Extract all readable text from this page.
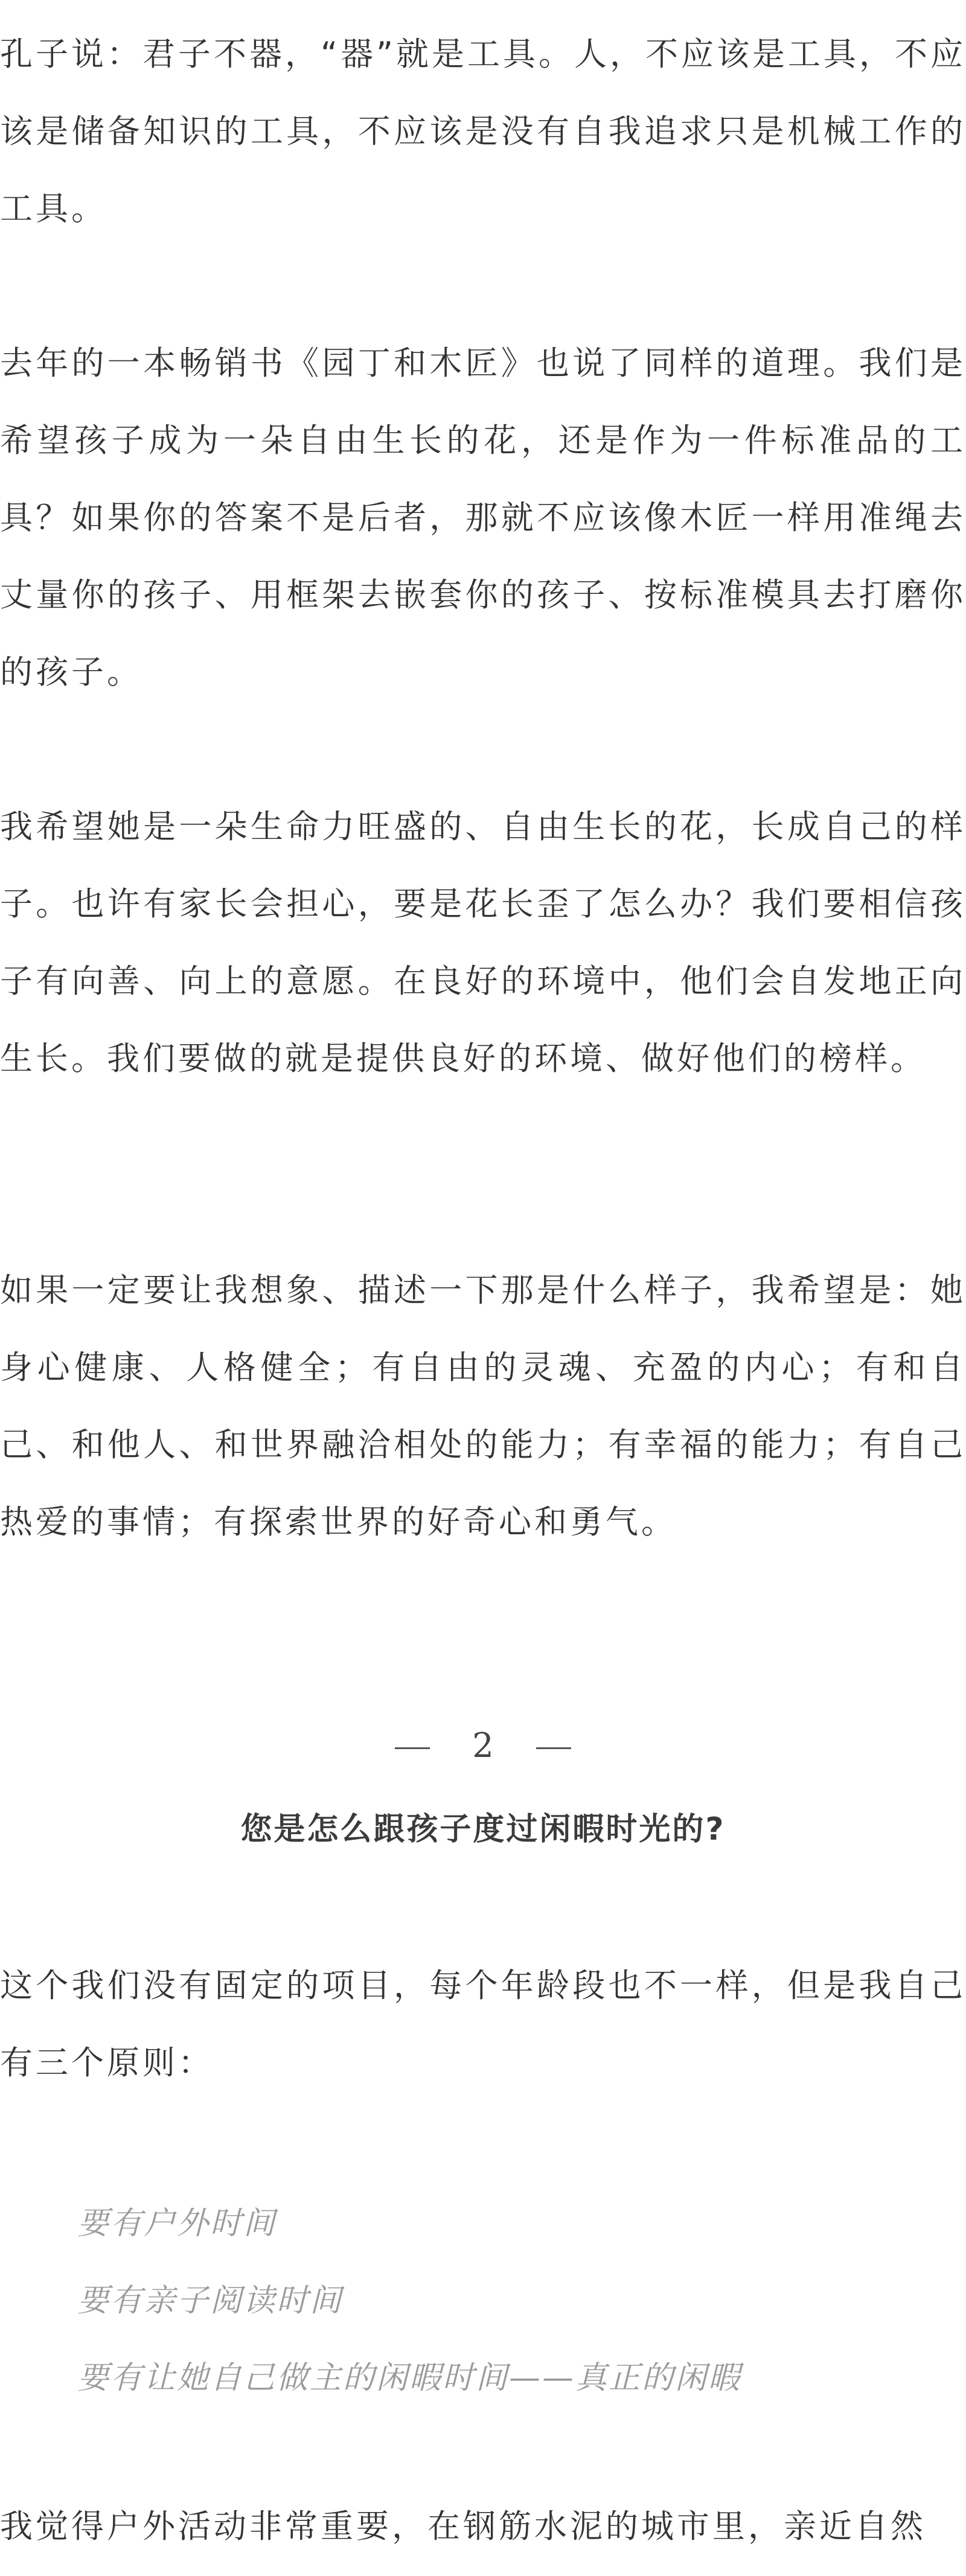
孔子说：君子不器，“器”就是工具。人，不应该是工具，不应该是储备知识的工具，不应该是没有自我追求只是机械工作的工具。

去年的一本畅销书《园丁和木匠》也说了同样的道理。我们是希望孩子成为一朵自由生长的花，还是作为一件标准品的工具？如果你的答案不是后者，那就不应该像木匠一样用准绳去丈量你的孩子、用框架去嵌套你的孩子、按标准模具去打磨你的孩子。

我希望她是一朵生命力旺盛的、自由生长的花，长成自己的样子。也许有家长会担心，要是花长歪了怎么办？我们要相信孩子有向善、向上的意愿。在良好的环境中，他们会自发地正向生长。我们要做的就是提供良好的环境、做好他们的榜样。

如果一定要让我想象、描述一下那是什么样子，我希望是：她身心健康、人格健全；有自由的灵魂、充盈的内心；有和自己、和他人、和世界融洽相处的能力；有幸福的能力；有自己热爱的事情；有探索世界的好奇心和勇气。

2
您是怎么跟孩子度过闲暇时光的?

这个我们没有固定的项目，每个年龄段也不一样，但是我自己有三个原则：

要有户外时间
要有亲子阅读时间
要有让她自己做主的闲暇时间——真正的闲暇

我觉得户外活动非常重要，在钢筋水泥的城市里，亲近自然
